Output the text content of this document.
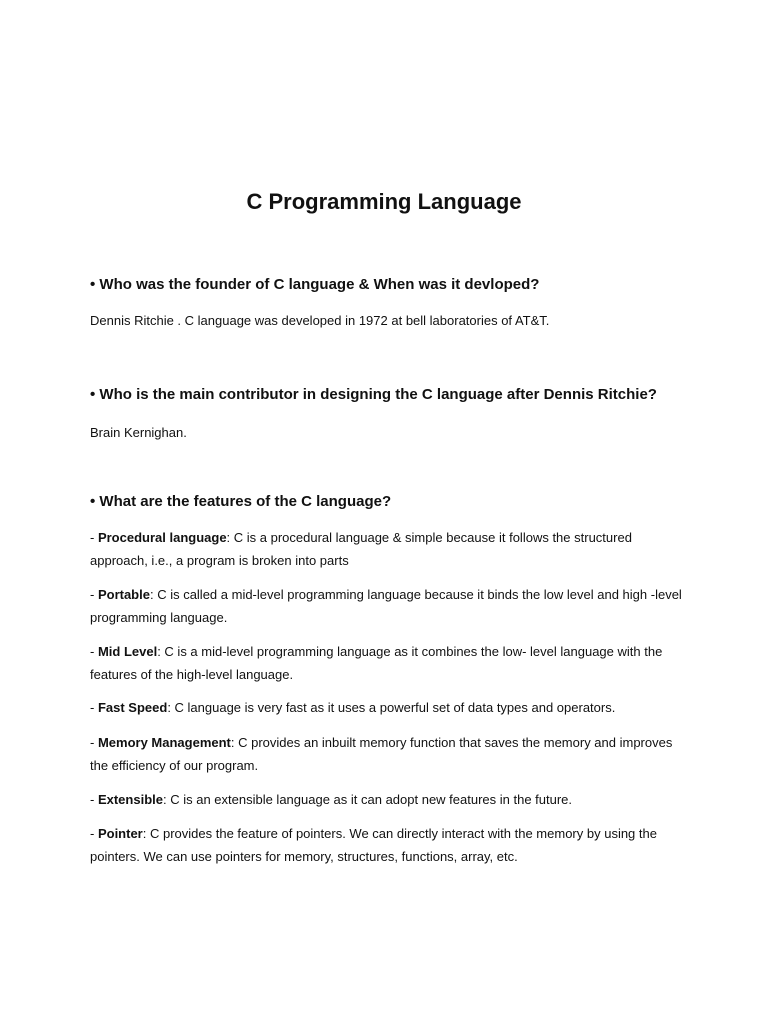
C Programming Language

• Who was the founder of C language & When was it devloped?

Dennis Ritchie . C language was developed in 1972 at bell laboratories of AT&T.

• Who is the main contributor in designing the C language after Dennis Ritchie?

Brain Kernighan.

• What are the features of the C language?

- Procedural language: C is a procedural language & simple because it follows the structured approach, i.e., a program is broken into parts

- Portable: C is called a mid-level programming language because it binds the low level and high -level programming language.

- Mid Level: C is a mid-level programming language as it combines the low- level language with the features of the high-level language.

- Fast Speed: C language is very fast as it uses a powerful set of data types and operators.

- Memory Management: C provides an inbuilt memory function that saves the memory and improves the efficiency of our program.

- Extensible: C is an extensible language as it can adopt new features in the future.

- Pointer: C provides the feature of pointers. We can directly interact with the memory by using the pointers. We can use pointers for memory, structures, functions, array, etc.
